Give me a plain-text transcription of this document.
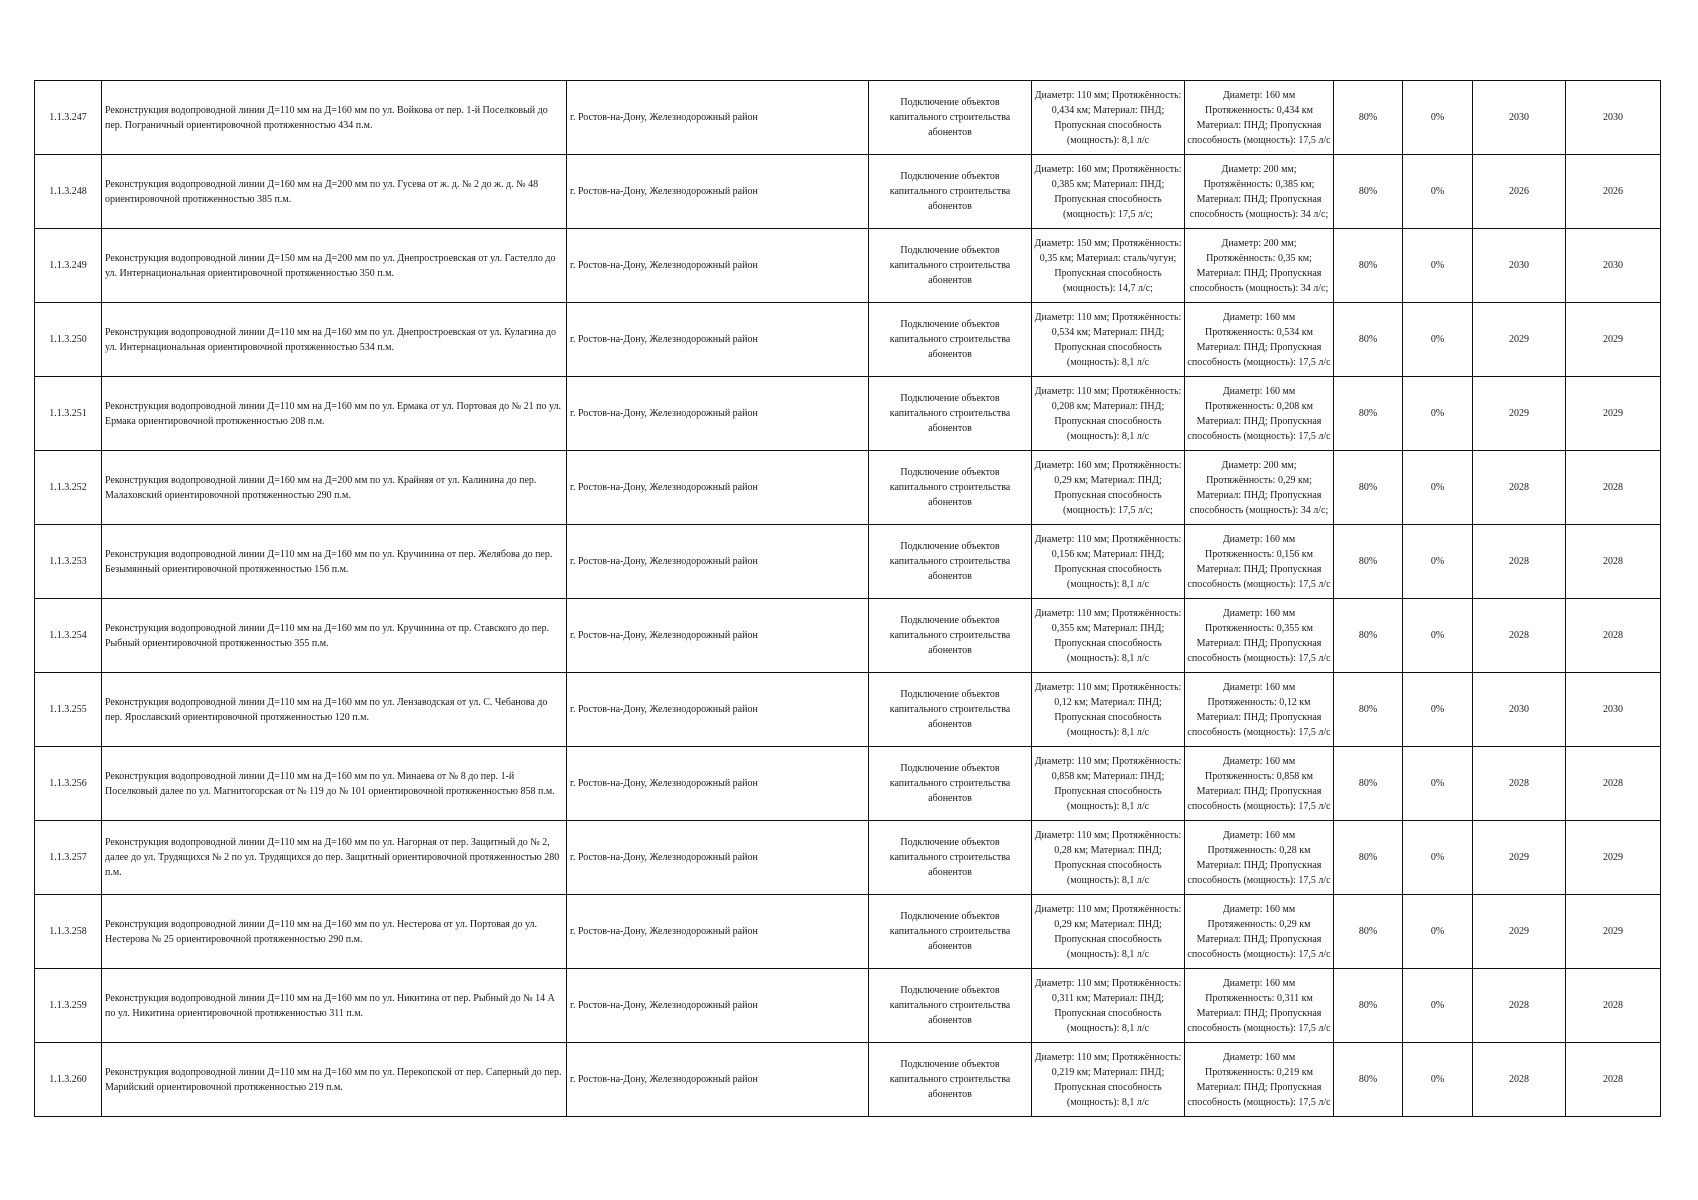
1.1.3.247	Реконструкция водопроводной линии Д=110 мм на Д=160 мм по ул. Войкова от пер. 1-й Поселковый до пер. Пограничный ориентировочной протяженностью 434 п.м.	г. Ростов-на-Дону, Железнодорожный район	Подключение объектов капитального строительства абонентов	Диаметр: 110 мм; Протяжённость: 0,434 км; Материал: ПНД; Пропускная способность (мощность): 8,1 л/с	Диаметр: 160 мм Протяженность: 0,434 км Материал: ПНД; Пропускная способность (мощность): 17,5 л/с	80%	0%	2030	2030
1.1.3.248	Реконструкция водопроводной линии Д=160 мм на Д=200 мм по ул. Гусева от ж. д. № 2 до ж. д. № 48 ориентировочной протяженностью 385 п.м.	г. Ростов-на-Дону, Железнодорожный район	Подключение объектов капитального строительства абонентов	Диаметр: 160 мм; Протяжённость: 0,385 км; Материал: ПНД; Пропускная способность (мощность): 17,5 л/с;	Диаметр: 200 мм; Протяжённость: 0,385 км; Материал: ПНД; Пропускная способность (мощность): 34 л/с;	80%	0%	2026	2026
1.1.3.249	Реконструкция водопроводной линии Д=150 мм на Д=200 мм по ул. Днепростроевская от ул. Гастелло до ул. Интернациональная ориентировочной протяженностью 350 п.м.	г. Ростов-на-Дону, Железнодорожный район	Подключение объектов капитального строительства абонентов	Диаметр: 150 мм; Протяжённость: 0,35 км; Материал: сталь/чугун; Пропускная способность (мощность): 14,7 л/с;	Диаметр: 200 мм; Протяжённость: 0,35 км; Материал: ПНД; Пропускная способность (мощность): 34 л/с;	80%	0%	2030	2030
1.1.3.250	Реконструкция водопроводной линии Д=110 мм на Д=160 мм по ул. Днепростроевская от ул. Кулагина до ул. Интернациональная ориентировочной протяженностью 534 п.м.	г. Ростов-на-Дону, Железнодорожный район	Подключение объектов капитального строительства абонентов	Диаметр: 110 мм; Протяжённость: 0,534 км; Материал: ПНД; Пропускная способность (мощность): 8,1 л/с	Диаметр: 160 мм Протяженность: 0,534 км Материал: ПНД; Пропускная способность (мощность): 17,5 л/с	80%	0%	2029	2029
1.1.3.251	Реконструкция водопроводной линии Д=110 мм на Д=160 мм по ул. Ермака от ул. Портовая до № 21 по ул. Ермака ориентировочной протяженностью 208 п.м.	г. Ростов-на-Дону, Железнодорожный район	Подключение объектов капитального строительства абонентов	Диаметр: 110 мм; Протяжённость: 0,208 км; Материал: ПНД; Пропускная способность (мощность): 8,1 л/с	Диаметр: 160 мм Протяженность: 0,208 км Материал: ПНД; Пропускная способность (мощность): 17,5 л/с	80%	0%	2029	2029
1.1.3.252	Реконструкция водопроводной линии Д=160 мм на Д=200 мм по ул. Крайняя от ул. Калинина до пер. Малаховский ориентировочной протяженностью 290 п.м.	г. Ростов-на-Дону, Железнодорожный район	Подключение объектов капитального строительства абонентов	Диаметр: 160 мм; Протяжённость: 0,29 км; Материал: ПНД; Пропускная способность (мощность): 17,5 л/с;	Диаметр: 200 мм; Протяжённость: 0,29 км; Материал: ПНД; Пропускная способность (мощность): 34 л/с;	80%	0%	2028	2028
1.1.3.253	Реконструкция водопроводной линии Д=110 мм на Д=160 мм по ул. Кручинина от пер. Желябова до пер. Безымянный ориентировочной протяженностью 156 п.м.	г. Ростов-на-Дону, Железнодорожный район	Подключение объектов капитального строительства абонентов	Диаметр: 110 мм; Протяжённость: 0,156 км; Материал: ПНД; Пропускная способность (мощность): 8,1 л/с	Диаметр: 160 мм Протяженность: 0,156 км Материал: ПНД; Пропускная способность (мощность): 17,5 л/с	80%	0%	2028	2028
1.1.3.254	Реконструкция водопроводной линии Д=110 мм на Д=160 мм по ул. Кручинина от пр. Ставского до пер. Рыбный ориентировочной протяженностью 355 п.м.	г. Ростов-на-Дону, Железнодорожный район	Подключение объектов капитального строительства абонентов	Диаметр: 110 мм; Протяжённость: 0,355 км; Материал: ПНД; Пропускная способность (мощность): 8,1 л/с	Диаметр: 160 мм Протяженность: 0,355 км Материал: ПНД; Пропускная способность (мощность): 17,5 л/с	80%	0%	2028	2028
1.1.3.255	Реконструкция водопроводной линии Д=110 мм на Д=160 мм по ул. Лензаводская от ул. С. Чебанова до пер. Ярославский ориентировочной протяженностью 120 п.м.	г. Ростов-на-Дону, Железнодорожный район	Подключение объектов капитального строительства абонентов	Диаметр: 110 мм; Протяжённость: 0,12 км; Материал: ПНД; Пропускная способность (мощность): 8,1 л/с	Диаметр: 160 мм Протяженность: 0,12 км Материал: ПНД; Пропускная способность (мощность): 17,5 л/с	80%	0%	2030	2030
1.1.3.256	Реконструкция водопроводной линии Д=110 мм на Д=160 мм по ул. Минаева от № 8 до пер. 1-й Поселковый далее по ул. Магнитогорская от № 119 до № 101 ориентировочной протяженностью 858 п.м.	г. Ростов-на-Дону, Железнодорожный район	Подключение объектов капитального строительства абонентов	Диаметр: 110 мм; Протяжённость: 0,858 км; Материал: ПНД; Пропускная способность (мощность): 8,1 л/с	Диаметр: 160 мм Протяженность: 0,858 км Материал: ПНД; Пропускная способность (мощность): 17,5 л/с	80%	0%	2028	2028
1.1.3.257	Реконструкция водопроводной линии Д=110 мм на Д=160 мм по ул. Нагорная от пер. Защитный до № 2, далее до ул. Трудящихся № 2 по ул. Трудящихся до пер. Защитный ориентировочной протяженностью 280 п.м.	г. Ростов-на-Дону, Железнодорожный район	Подключение объектов капитального строительства абонентов	Диаметр: 110 мм; Протяжённость: 0,28 км; Материал: ПНД; Пропускная способность (мощность): 8,1 л/с	Диаметр: 160 мм Протяженность: 0,28 км Материал: ПНД; Пропускная способность (мощность): 17,5 л/с	80%	0%	2029	2029
1.1.3.258	Реконструкция водопроводной линии Д=110 мм на Д=160 мм по ул. Нестерова от ул. Портовая до ул. Нестерова № 25 ориентировочной протяженностью 290 п.м.	г. Ростов-на-Дону, Железнодорожный район	Подключение объектов капитального строительства абонентов	Диаметр: 110 мм; Протяжённость: 0,29 км; Материал: ПНД; Пропускная способность (мощность): 8,1 л/с	Диаметр: 160 мм Протяженность: 0,29 км Материал: ПНД; Пропускная способность (мощность): 17,5 л/с	80%	0%	2029	2029
1.1.3.259	Реконструкция водопроводной линии Д=110 мм на Д=160 мм по ул. Никитина от пер. Рыбный до № 14 А по ул. Никитина ориентировочной протяженностью 311 п.м.	г. Ростов-на-Дону, Железнодорожный район	Подключение объектов капитального строительства абонентов	Диаметр: 110 мм; Протяжённость: 0,311 км; Материал: ПНД; Пропускная способность (мощность): 8,1 л/с	Диаметр: 160 мм Протяженность: 0,311 км Материал: ПНД; Пропускная способность (мощность): 17,5 л/с	80%	0%	2028	2028
1.1.3.260	Реконструкция водопроводной линии Д=110 мм на Д=160 мм по ул. Перекопской от пер. Саперный до пер. Марийский ориентировочной протяженностью 219 п.м.	г. Ростов-на-Дону, Железнодорожный район	Подключение объектов капитального строительства абонентов	Диаметр: 110 мм; Протяжённость: 0,219 км; Материал: ПНД; Пропускная способность (мощность): 8,1 л/с	Диаметр: 160 мм Протяженность: 0,219 км Материал: ПНД; Пропускная способность (мощность): 17,5 л/с	80%	0%	2028	2028
